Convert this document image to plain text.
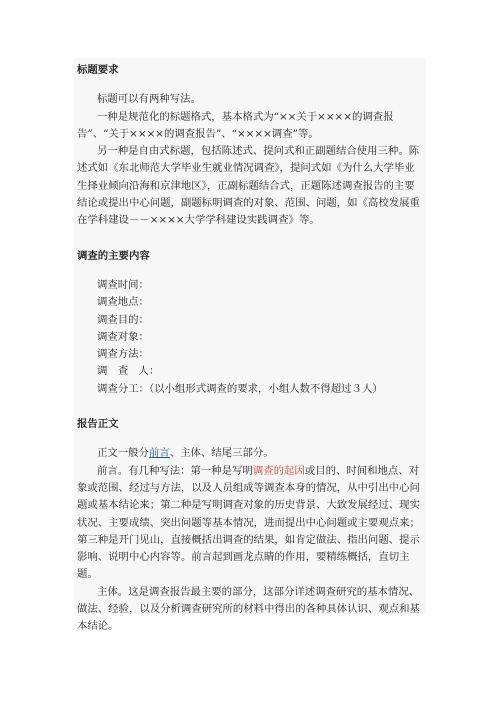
标题要求

标题可以有两种写法。

一种是规范化的标题格式，基本格式为“××关于××××的调查报告”、“关于××××的调查报告”、“××××调查”等。

另一种是自由式标题，包括陈述式、提问式和正副题结合使用三种。陈述式如《东北师范大学毕业生就业情况调查》，提问式如《为什么大学毕业生择业倾向沿海和京津地区》，正副标题结合式，正题陈述调查报告的主要结论或提出中心问题，副题标明调查的对象、范围、问题，如《高校发展重在学科建设－－××××大学学科建设实践调查》等。

调查的主要内容

调查时间：

调查地点：

调查目的：

调查对象：

调查方法：

调　查　人：

调查分工：（以小组形式调查的要求，小组人数不得超过３人）

报告正文

正文一般分前言、主体、结尾三部分。

前言。有几种写法：第一种是写明调查的起因或目的、时间和地点、对象或范围、经过与方法，以及人员组成等调查本身的情况，从中引出中心问题或基本结论来；第二种是写明调查对象的历史背景、大致发展经过、现实状况、主要成绩、突出问题等基本情况，进而提出中心问题或主要观点来；第三种是开门见山，直接概括出调查的结果，如肯定做法、指出问题、提示影响、说明中心内容等。前言起到画龙点睛的作用，要精练概括，直切主题。

主体。这是调查报告最主要的部分，这部分详述调查研究的基本情况、做法、经验，以及分析调查研究所的材料中得出的各种具体认识、观点和基本结论。
